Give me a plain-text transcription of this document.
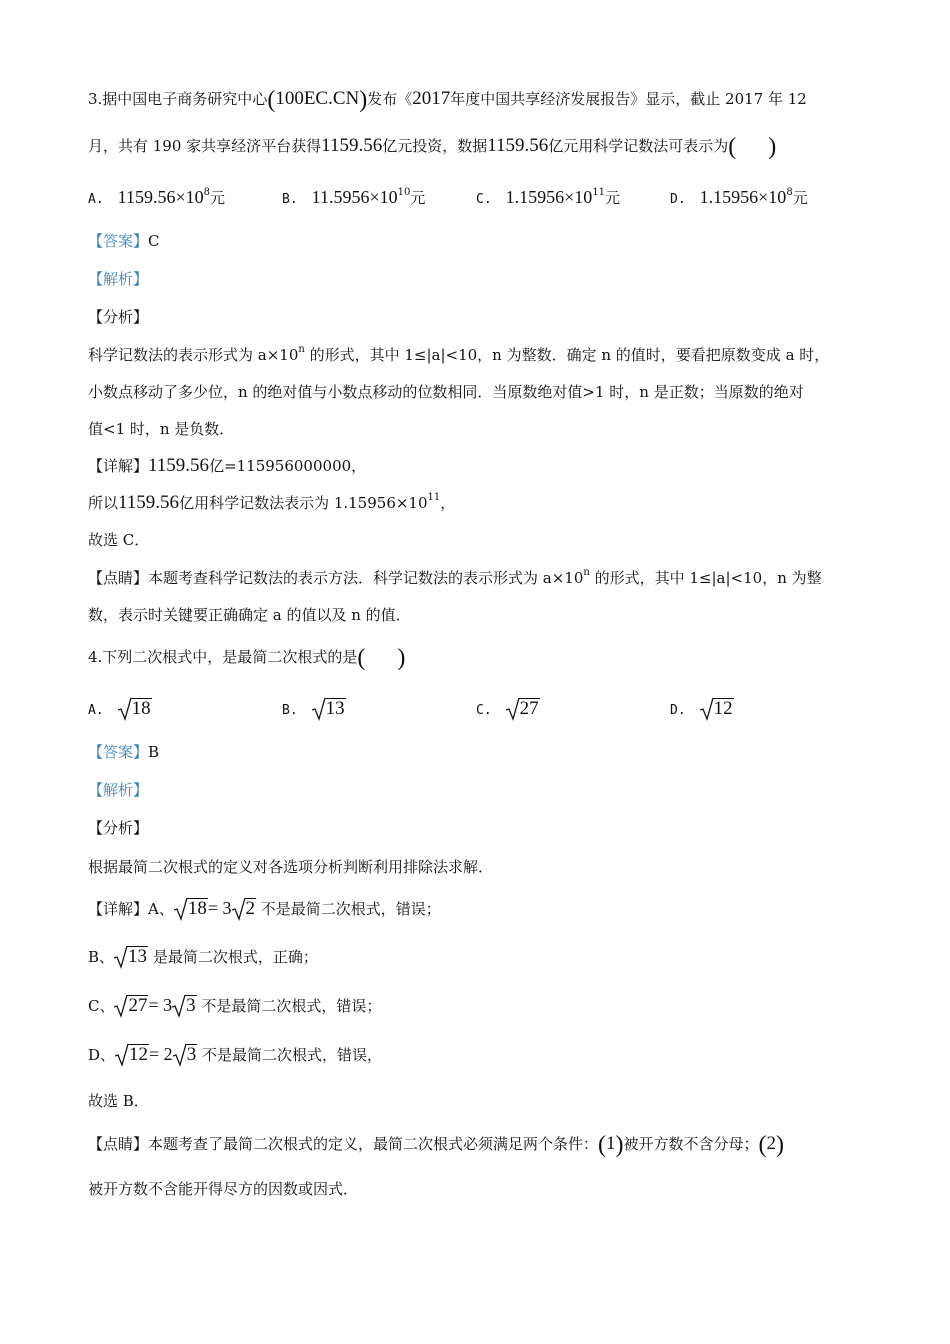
3.据中国电子商务研究中心(100EC.CN)发布《2017年度中国共享经济发展报告》显示，截止 2017 年 12
月，共有 190 家共享经济平台获得1159.56亿元投资，数据1159.56亿元用科学记数法可表示为( )
A. $1159.56\times 10^8$元	B. $11.5956\times 10^{10}$元	C. $1.15956\times 10^{11}$元	D. $1.15956\times 10^8$元
【答案】C
【解析】
【分析】
科学记数法的表示形式为 $a\times 10^n$ 的形式，其中 1≤|a|<10，n 为整数．确定 n 的值时，要看把原数变成 a 时，
小数点移动了多少位，n 的绝对值与小数点移动的位数相同．当原数绝对值>1 时，n 是正数；当原数的绝对
值<1 时，n 是负数．
【详解】1159.56亿=115956000000，
所以1159.56亿用科学记数法表示为 $1.15956\times 10^{11}$，
故选 C．
【点睛】本题考查科学记数法的表示方法．科学记数法的表示形式为 $a\times 10^n$ 的形式，其中 1≤|a|<10，n 为整
数，表示时关键要正确确定 a 的值以及 n 的值．
4.下列二次根式中，是最简二次根式的是( )
A. 18	B. 13	C. 27	D. 12
【答案】B
【解析】
【分析】
根据最简二次根式的定义对各选项分析判断利用排除法求解．
【详解】A、 18= 3 2 不是最简二次根式，错误；
B、 13 是最简二次根式，正确；
C、 27= 3 3 不是最简二次根式，错误；
D、 12= 2 3 不是最简二次根式，错误，
故选 B．
【点睛】本题考查了最简二次根式的定义，最简二次根式必须满足两个条件：(1)被开方数不含分母；(2)
被开方数不含能开得尽方的因数或因式．
